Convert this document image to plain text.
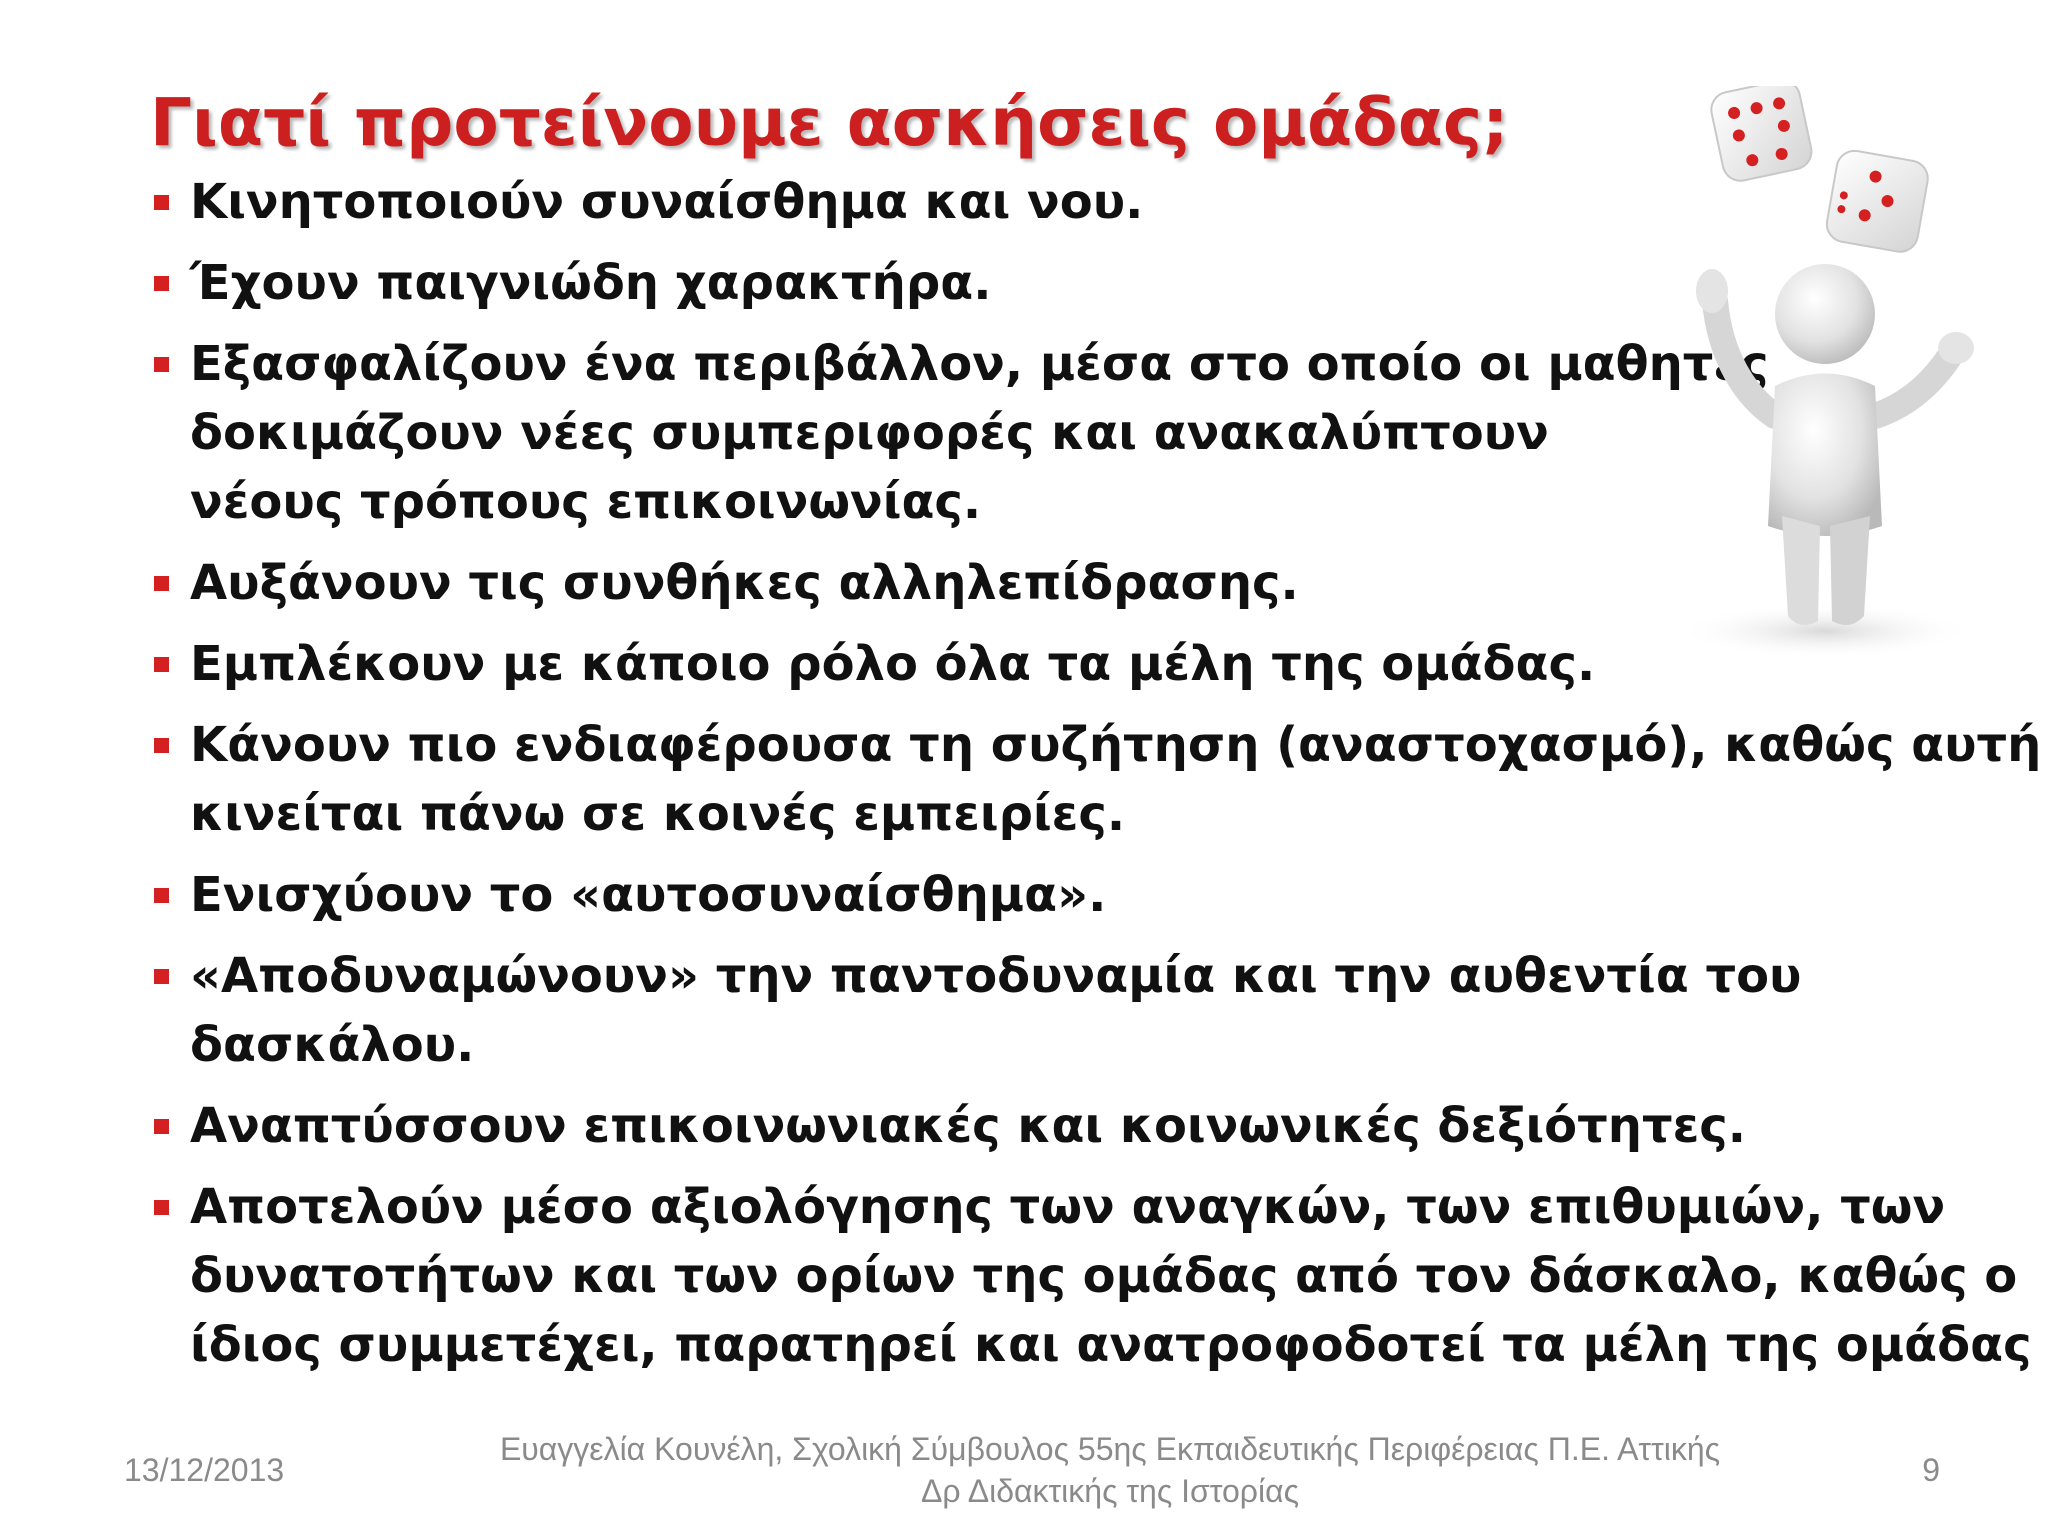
Γιατί προτείνουμε ασκήσεις ομάδας;
Κινητοποιούν συναίσθημα και νου.
Έχουν παιγνιώδη χαρακτήρα.
Εξασφαλίζουν ένα περιβάλλον, μέσα στο οποίο οι μαθητές
δοκιμάζουν νέες συμπεριφορές και ανακαλύπτουν
νέους τρόπους επικοινωνίας.
Αυξάνουν τις συνθήκες αλληλεπίδρασης.
Εμπλέκουν με κάποιο ρόλο όλα τα μέλη της ομάδας.
Κάνουν πιο ενδιαφέρουσα τη συζήτηση (αναστοχασμό), καθώς αυτή
κινείται πάνω σε κοινές εμπειρίες.
Ενισχύουν το «αυτοσυναίσθημα».
«Αποδυναμώνουν» την παντοδυναμία και την αυθεντία του
δασκάλου.
Αναπτύσσουν επικοινωνιακές και κοινωνικές δεξιότητες.
Αποτελούν μέσο αξιολόγησης των αναγκών, των επιθυμιών, των
δυνατοτήτων και των ορίων της ομάδας από τον δάσκαλο, καθώς ο
ίδιος συμμετέχει, παρατηρεί και ανατροφοδοτεί τα μέλη της ομάδας
13/12/2013
Ευαγγελία Κουνέλη, Σχολική Σύμβουλος 55ης Εκπαιδευτικής Περιφέρειας Π.Ε. Αττικής
Δρ Διδακτικής της Ιστορίας
9
